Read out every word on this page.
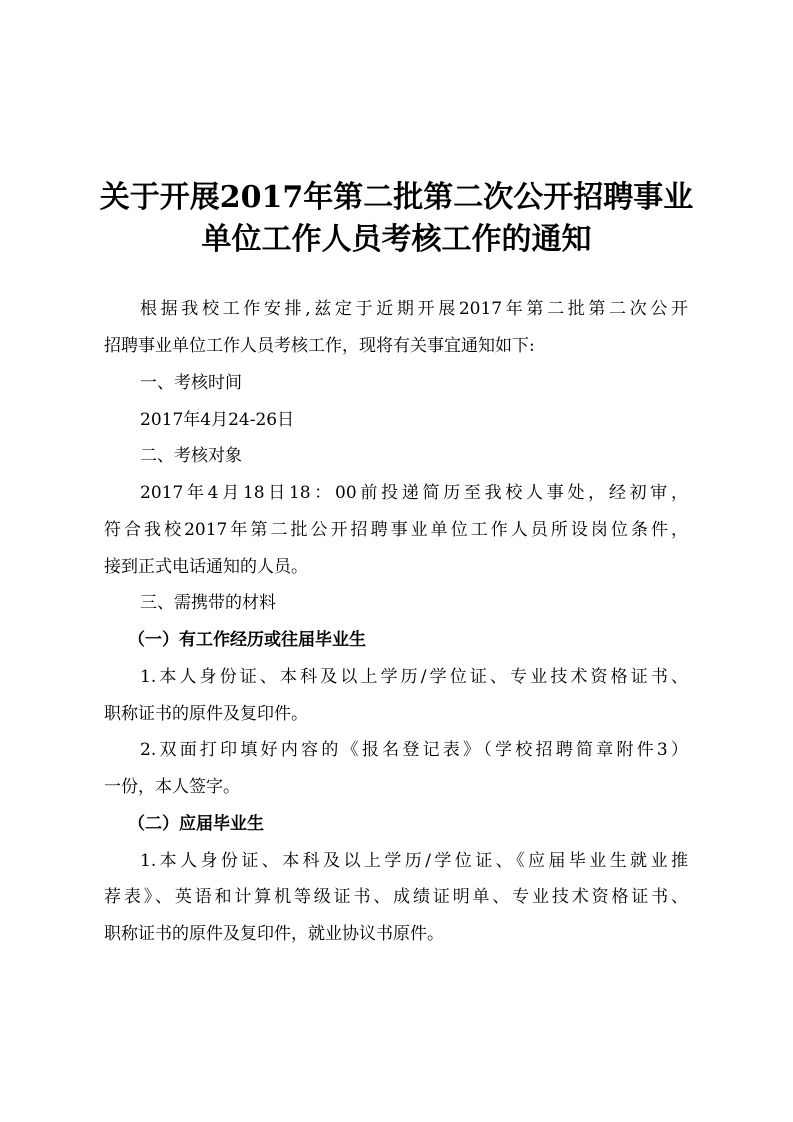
关于开展2017年第二批第二次公开招聘事业
单位工作人员考核工作的通知
根据我校工作安排,兹定于近期开展2017年第二批第二次公开
招聘事业单位工作人员考核工作，现将有关事宜通知如下:
一、考核时间
2017年4月24-26日
二、考核对象
2017年4月18日18：00前投递简历至我校人事处，经初审，
符合我校2017年第二批公开招聘事业单位工作人员所设岗位条件，
接到正式电话通知的人员。
三、需携带的材料
（一）有工作经历或往届毕业生
1.本人身份证、本科及以上学历/学位证、专业技术资格证书、
职称证书的原件及复印件。
2.双面打印填好内容的《报名登记表》（学校招聘简章附件3）
一份，本人签字。
（二）应届毕业生
1.本人身份证、本科及以上学历/学位证、《应届毕业生就业推
荐表》、英语和计算机等级证书、成绩证明单、专业技术资格证书、
职称证书的原件及复印件，就业协议书原件。
